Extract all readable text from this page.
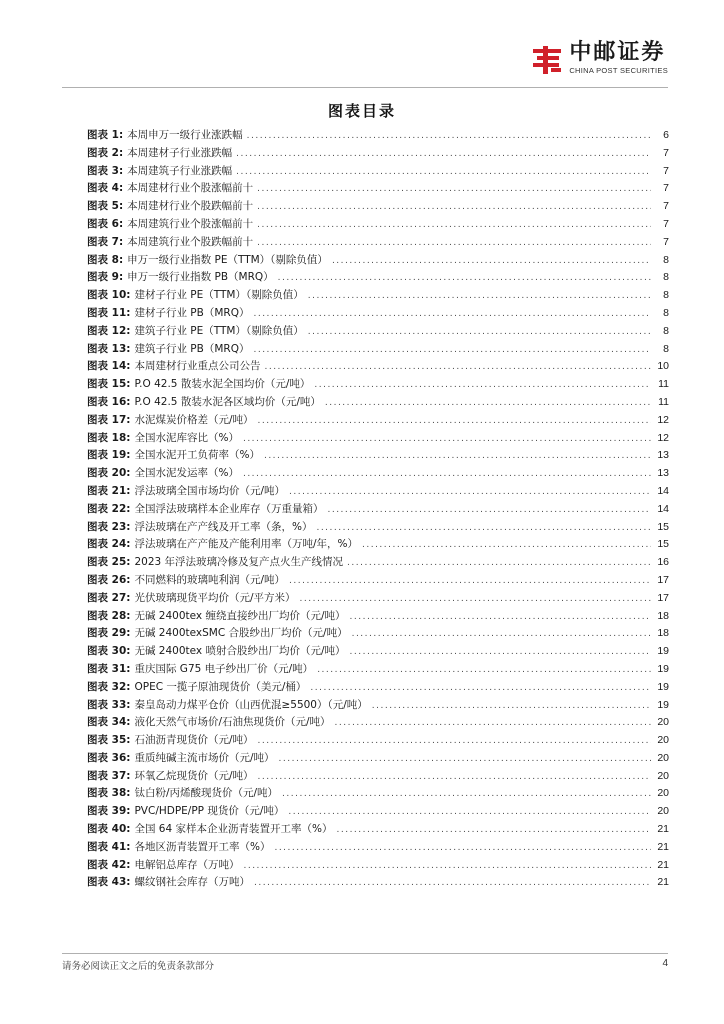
中邮证券
CHINA POST SECURITIES
图表目录
图表 1: 本周申万一级行业涨跌幅 .....	6
图表 2: 本周建材子行业涨跌幅 .....	7
图表 3: 本周建筑子行业涨跌幅 .....	7
图表 4: 本周建材行业个股涨幅前十 .....	7
图表 5: 本周建材行业个股跌幅前十 .....	7
图表 6: 本周建筑行业个股涨幅前十 .....	7
图表 7: 本周建筑行业个股跌幅前十 .....	7
图表 8: 申万一级行业指数 PE（TTM）（剔除负值） .....	8
图表 9: 申万一级行业指数 PB（MRQ） .....	8
图表 10: 建材子行业 PE（TTM）（剔除负值） .....	8
图表 11: 建材子行业 PB（MRQ） .....	8
图表 12: 建筑子行业 PE（TTM）（剔除负值） .....	8
图表 13: 建筑子行业 PB（MRQ） .....	8
图表 14: 本周建材行业重点公司公告 .....	10
图表 15: P.O 42.5 散装水泥全国均价（元/吨） .....	11
图表 16: P.O 42.5 散装水泥各区域均价（元/吨） .....	11
图表 17: 水泥煤炭价格差（元/吨） .....	12
图表 18: 全国水泥库容比（%） .....	12
图表 19: 全国水泥开工负荷率（%） .....	13
图表 20: 全国水泥发运率（%） .....	13
图表 21: 浮法玻璃全国市场均价（元/吨） .....	14
图表 22: 全国浮法玻璃样本企业库存（万重量箱） .....	14
图表 23: 浮法玻璃在产产线及开工率（条，%） .....	15
图表 24: 浮法玻璃在产产能及产能利用率（万吨/年，%） .....	15
图表 25: 2023 年浮法玻璃冷修及复产点火生产线情况 .....	16
图表 26: 不同燃料的玻璃吨利润（元/吨） .....	17
图表 27: 光伏玻璃现货平均价（元/平方米） .....	17
图表 28: 无碱 2400tex 缠绕直接纱出厂均价（元/吨） .....	18
图表 29: 无碱 2400texSMC 合股纱出厂均价（元/吨） .....	18
图表 30: 无碱 2400tex 喷射合股纱出厂均价（元/吨） .....	19
图表 31: 重庆国际 G75 电子纱出厂价（元/吨） .....	19
图表 32: OPEC 一揽子原油现货价（美元/桶） .....	19
图表 33: 秦皇岛动力煤平仓价（山西优混≥5500）（元/吨） .....	19
图表 34: 液化天然气市场价/石油焦现货价（元/吨） .....	20
图表 35: 石油沥青现货价（元/吨） .....	20
图表 36: 重质纯碱主流市场价（元/吨） .....	20
图表 37: 环氧乙烷现货价（元/吨） .....	20
图表 38: 钛白粉/丙烯酸现货价（元/吨） .....	20
图表 39: PVC/HDPE/PP 现货价（元/吨） .....	20
图表 40: 全国 64 家样本企业沥青装置开工率（%） .....	21
图表 41: 各地区沥青装置开工率（%） .....	21
图表 42: 电解铝总库存（万吨） .....	21
图表 43: 螺纹钢社会库存（万吨） .....	21
请务必阅读正文之后的免责条款部分	4
